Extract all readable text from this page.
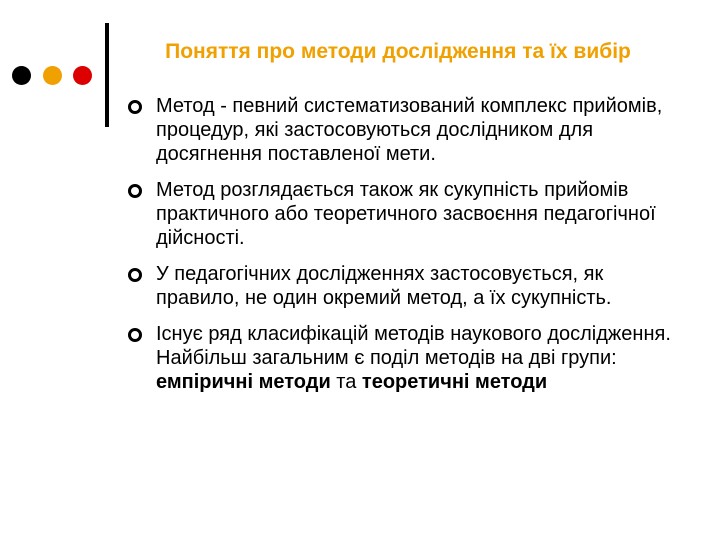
Поняття про методи дослідження та їх вибір
Метод - певний систематизований комплекс прийомів, процедур, які застосовуються дослідником для досягнення поставленої мети.
Метод розглядається також як сукупність прийомів практичного або теоретичного засвоєння педагогічної дійсності.
У педагогічних дослідженнях застосовується, як правило, не один окремий метод, а їх сукупність.
Існує ряд класифікацій методів наукового дослідження. Найбільш загальним є поділ методів на дві групи: емпіричні методи та теоретичні методи
